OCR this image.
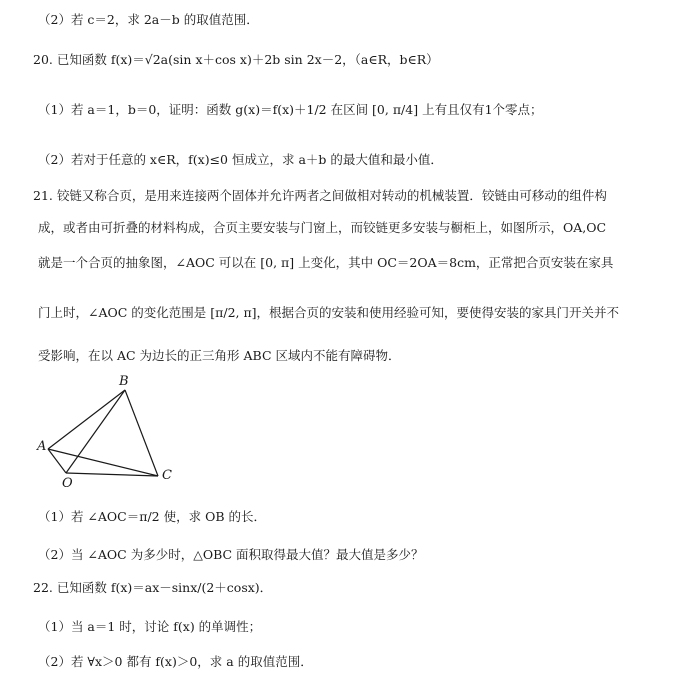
（2）若 c＝2，求 2a－b 的取值范围．
20. 已知函数 f(x)＝√2a(sin x＋cos x)＋2b sin 2x－2，（a∈R，b∈R）
（1）若 a＝1，b＝0，证明：函数 g(x)＝f(x)＋1/2 在区间 [0, π/4] 上有且仅有1个零点；
（2）若对于任意的 x∈R，f(x)≤0 恒成立，求 a＋b 的最大值和最小值．
21. 铰链又称合页，是用来连接两个固体并允许两者之间做相对转动的机械装置．铰链由可移动的组件构
成，或者由可折叠的材料构成，合页主要安装与门窗上，而铰链更多安装与橱柜上，如图所示，OA,OC
就是一个合页的抽象图，∠AOC 可以在 [0, π] 上变化，其中 OC＝2OA＝8cm，正常把合页安装在家具
门上时，∠AOC 的变化范围是 [π/2, π]，根据合页的安装和使用经验可知，要使得安装的家具门开关并不
受影响，在以 AC 为边长的正三角形 ABC 区域内不能有障碍物．
B
A
C
O
（1）若 ∠AOC＝π/2 使，求 OB 的长．
（2）当 ∠AOC 为多少时，△OBC 面积取得最大值？最大值是多少？
22. 已知函数 f(x)＝ax－sinx/(2＋cosx)．
（1）当 a＝1 时，讨论 f(x) 的单调性；
（2）若 ∀x＞0 都有 f(x)＞0，求 a 的取值范围．
